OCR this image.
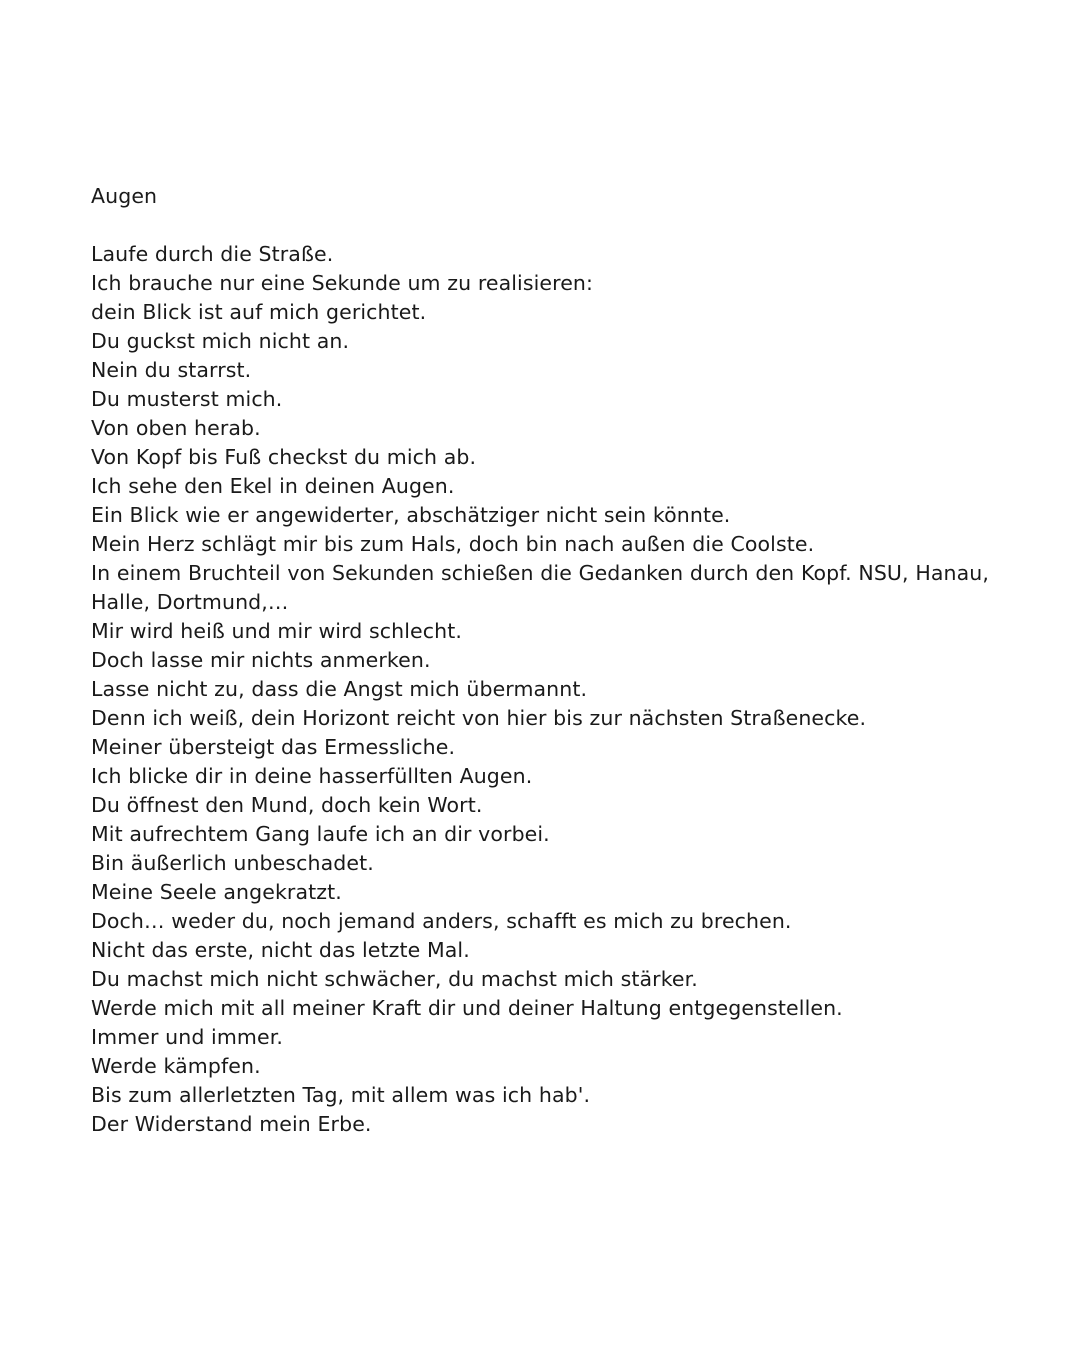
Augen

Laufe durch die Straße.

Ich brauche nur eine Sekunde um zu realisieren:

dein Blick ist auf mich gerichtet.

Du guckst mich nicht an.

Nein du starrst.

Du musterst mich.

Von oben herab.

Von Kopf bis Fuß checkst du mich ab.

Ich sehe den Ekel in deinen Augen.

Ein Blick wie er angewiderter, abschätziger nicht sein könnte.

Mein Herz schlägt mir bis zum Hals, doch bin nach außen die Coolste.

In einem Bruchteil von Sekunden schießen die Gedanken durch den Kopf. NSU, Hanau, Halle, Dortmund,…

Mir wird heiß und mir wird schlecht.

Doch lasse mir nichts anmerken.

Lasse nicht zu, dass die Angst mich übermannt.

Denn ich weiß, dein Horizont reicht von hier bis zur nächsten Straßenecke.

Meiner übersteigt das Ermessliche.

Ich blicke dir in deine hasserfüllten Augen.

Du öffnest den Mund, doch kein Wort.

Mit aufrechtem Gang laufe ich an dir vorbei.

Bin äußerlich unbeschadet.

Meine Seele angekratzt.

Doch… weder du, noch jemand anders, schafft es mich zu brechen.

Nicht das erste, nicht das letzte Mal.

Du machst mich nicht schwächer, du machst mich stärker.

Werde mich mit all meiner Kraft dir und deiner Haltung entgegenstellen.

Immer und immer.

Werde kämpfen.

Bis zum allerletzten Tag, mit allem was ich hab'.

Der Widerstand mein Erbe.
